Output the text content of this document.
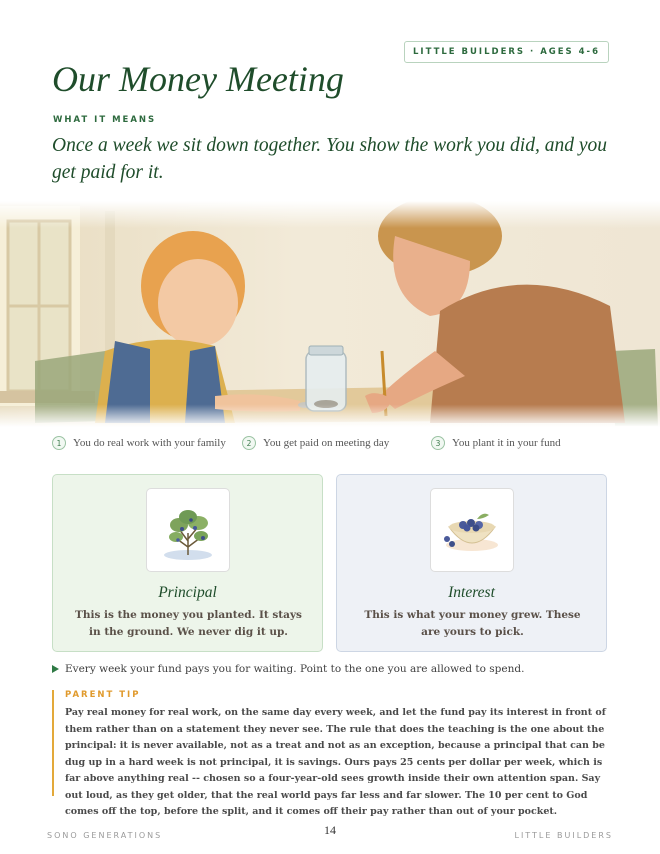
LITTLE BUILDERS · AGES 4-6
Our Money Meeting
WHAT IT MEANS

Once a week we sit down together. You show the work you did, and you get paid for it.

1	You do real work with your family	2	You get paid on meeting day	3	You plant it in your fund
Principal
This is the money you planted. It stays in the ground. We never dig it up.
Interest
This is what your money grew. These are yours to pick.
Every week your fund pays you for waiting. Point to the one you are allowed to spend.
PARENT TIP

Pay real money for real work, on the same day every week, and let the fund pay its interest in front of them rather than on a statement they never see. The rule that does the teaching is the one about the principal: it is never available, not as a treat and not as an exception, because a principal that can be dug up in a hard week is not principal, it is savings. Ours pays 25 cents per dollar per week, which is far above anything real -- chosen so a four-year-old sees growth inside their own attention span. Say out loud, as they get older, that the real world pays far less and far slower. The 10 per cent to God comes off the top, before the split, and it comes off their pay rather than out of your pocket.

SONO GENERATIONS	14	LITTLE BUILDERS
